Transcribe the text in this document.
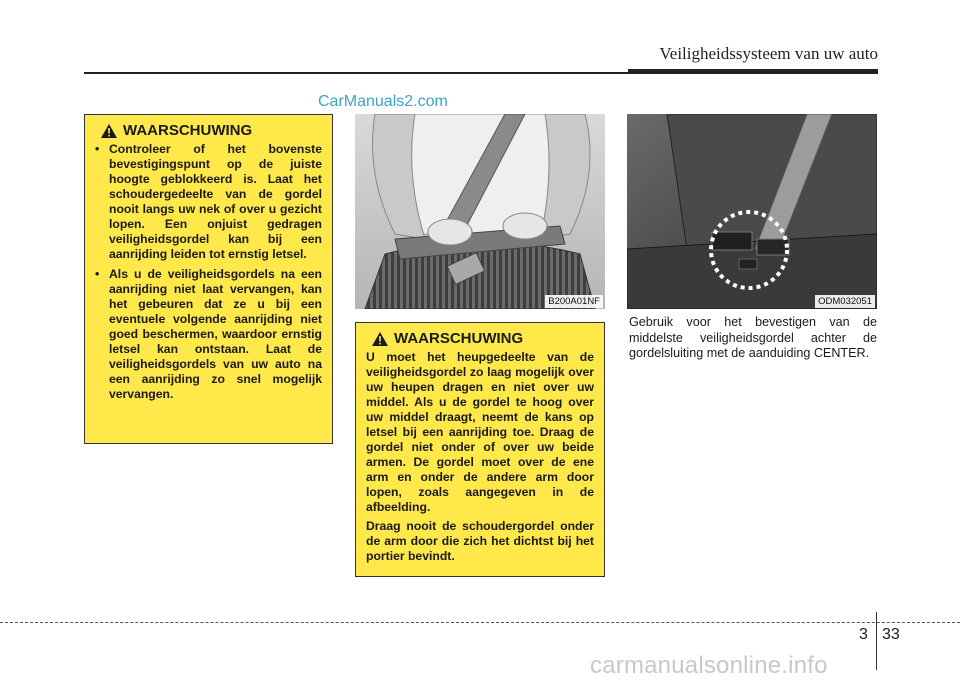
Veiligheidssysteem van uw auto
CarManuals2.com
WAARSCHUWING
• Controleer of het bovenste bevestigingspunt op de juiste hoogte geblokkeerd is. Laat het schoudergedeelte van de gordel nooit langs uw nek of over u gezicht lopen. Een onjuist gedragen veiligheidsgordel kan bij een aanrijding leiden tot ernstig letsel.
• Als u de veiligheidsgordels na een aanrijding niet laat vervangen, kan het gebeuren dat ze u bij een eventuele volgende aanrijding niet goed beschermen, waardoor ernstig letsel kan ontstaan. Laat de veiligheidsgordels van uw auto na een aanrijding zo snel mogelijk vervangen.
B200A01NF	ODM032051
WAARSCHUWING
U moet het heupgedeelte van de veiligheidsgordel zo laag mogelijk over uw heupen dragen en niet over uw middel. Als u de gordel te hoog over uw middel draagt, neemt de kans op letsel bij een aanrijding toe. Draag de gordel niet onder of over uw beide armen. De gordel moet over de ene arm en onder de andere arm door lopen, zoals aangegeven in de afbeelding.
Draag nooit de schoudergordel onder de arm door die zich het dichtst bij het portier bevindt.
Gebruik voor het bevestigen van de middelste veiligheidsgordel achter de gordelsluiting met de aanduiding CENTER.
3 33
carmanualsonline.info
